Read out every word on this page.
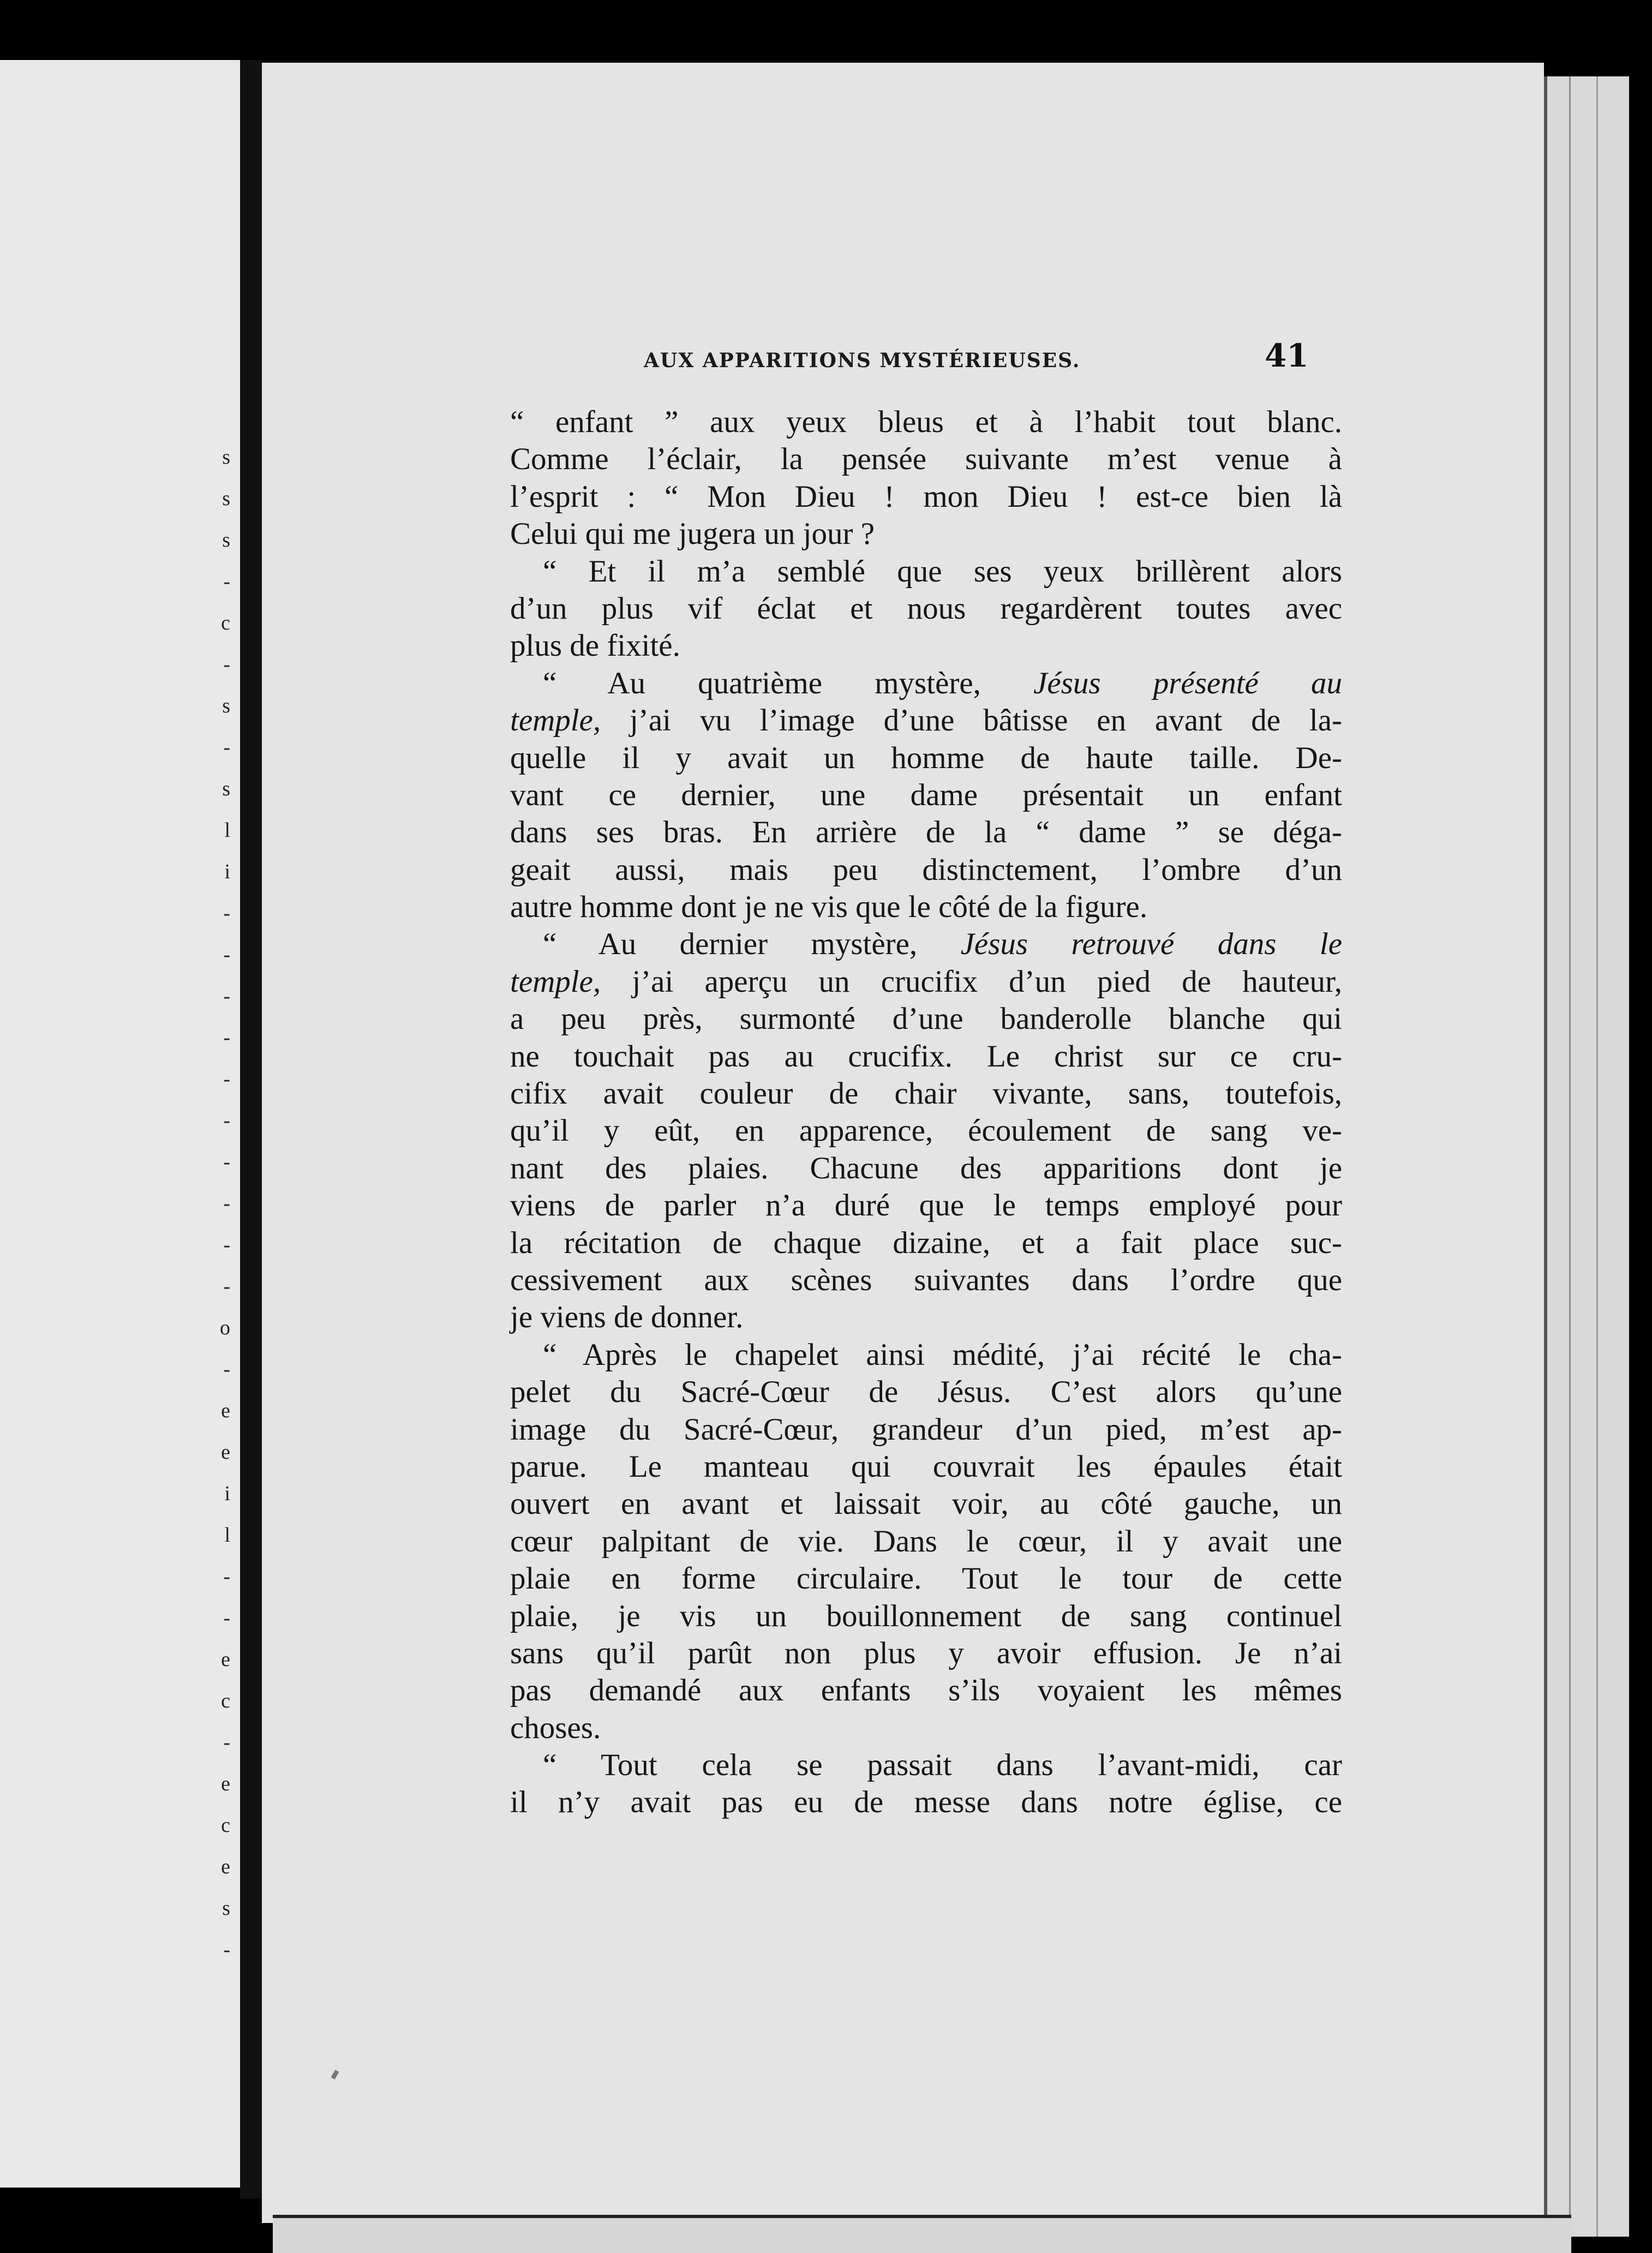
s
s
s
-
c
-
s
-
s
l
i
-
-
-
-
-
-
-
-
-
-
o
-
e
e
i
l
-
-
e
c
-
e
c
e
s
-
AUX APPARITIONS MYSTÉRIEUSES.	41
“ enfant ” aux yeux bleus et à l’habit tout blanc.
Comme l’éclair, la pensée suivante m’est venue à
l’esprit : “ Mon Dieu ! mon Dieu ! est-ce bien là
Celui qui me jugera un jour ?
“ Et il m’a semblé que ses yeux brillèrent alors
d’un plus vif éclat et nous regardèrent toutes avec
plus de fixité.
“ Au quatrième mystère, Jésus présenté au
temple, j’ai vu l’image d’une bâtisse en avant de la-
quelle il y avait un homme de haute taille. De-
vant ce dernier, une dame présentait un enfant
dans ses bras. En arrière de la “ dame ” se déga-
geait aussi, mais peu distinctement, l’ombre d’un
autre homme dont je ne vis que le côté de la figure.
“ Au dernier mystère, Jésus retrouvé dans le
temple, j’ai aperçu un crucifix d’un pied de hauteur,
a peu près, surmonté d’une banderolle blanche qui
ne touchait pas au crucifix. Le christ sur ce cru-
cifix avait couleur de chair vivante, sans, toutefois,
qu’il y eût, en apparence, écoulement de sang ve-
nant des plaies. Chacune des apparitions dont je
viens de parler n’a duré que le temps employé pour
la récitation de chaque dizaine, et a fait place suc-
cessivement aux scènes suivantes dans l’ordre que
je viens de donner.
“ Après le chapelet ainsi médité, j’ai récité le cha-
pelet du Sacré-Cœur de Jésus. C’est alors qu’une
image du Sacré-Cœur, grandeur d’un pied, m’est ap-
parue. Le manteau qui couvrait les épaules était
ouvert en avant et laissait voir, au côté gauche, un
cœur palpitant de vie. Dans le cœur, il y avait une
plaie en forme circulaire. Tout le tour de cette
plaie, je vis un bouillonnement de sang continuel
sans qu’il parût non plus y avoir effusion. Je n’ai
pas demandé aux enfants s’ils voyaient les mêmes
choses.
“ Tout cela se passait dans l’avant-midi, car
il n’y avait pas eu de messe dans notre église, ce
